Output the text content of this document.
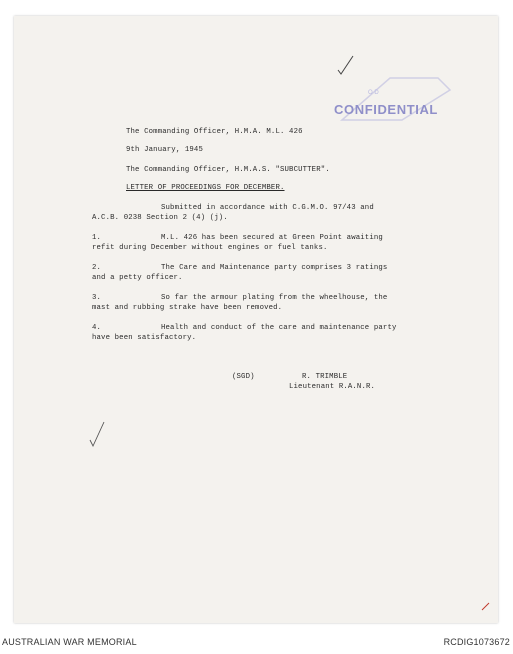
O D
CONFIDENTIAL
The Commanding Officer, H.M.A. M.L. 426
9th January, 1945
The Commanding Officer, H.M.A.S. "SUBCUTTER".
LETTER OF PROCEEDINGS FOR DECEMBER.
Submitted in accordance with C.G.M.O. 97/43 and
A.C.B. 0238 Section 2 (4) (j).
1.	M.L. 426 has been secured at Green Point awaiting
refit during December without engines or fuel tanks.
2.	The Care and Maintenance party comprises 3 ratings
and a petty officer.
3.	So far the armour plating from the wheelhouse, the
mast and rubbing strake have been removed.
4.	Health and conduct of the care and maintenance party
have been satisfactory.
(SGD)	R. TRIMBLE
Lieutenant R.A.N.R.
AUSTRALIAN WAR MEMORIAL	RCDIG1073672
